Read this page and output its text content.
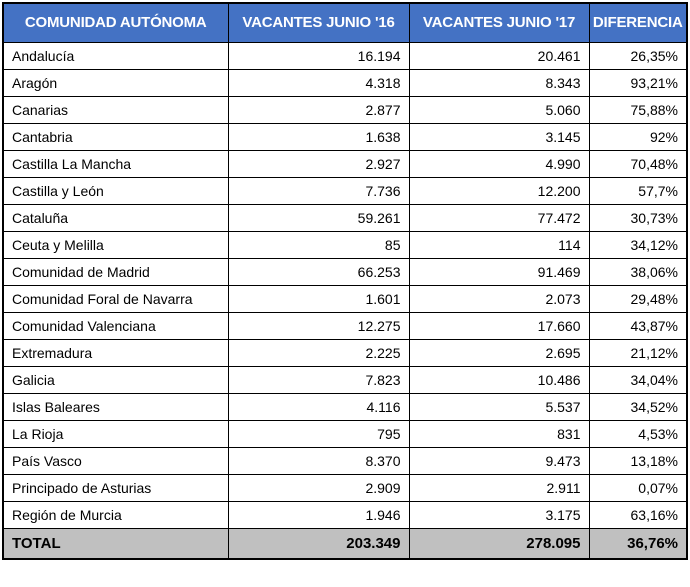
COMUNIDAD AUTÓNOMA	VACANTES JUNIO '16	VACANTES JUNIO '17	DIFERENCIA
Andalucía	16.194	20.461	26,35%
Aragón	4.318	8.343	93,21%
Canarias	2.877	5.060	75,88%
Cantabria	1.638	3.145	92%
Castilla La Mancha	2.927	4.990	70,48%
Castilla y León	7.736	12.200	57,7%
Cataluña	59.261	77.472	30,73%
Ceuta y Melilla	85	114	34,12%
Comunidad de Madrid	66.253	91.469	38,06%
Comunidad Foral de Navarra	1.601	2.073	29,48%
Comunidad Valenciana	12.275	17.660	43,87%
Extremadura	2.225	2.695	21,12%
Galicia	7.823	10.486	34,04%
Islas Baleares	4.116	5.537	34,52%
La Rioja	795	831	4,53%
País Vasco	8.370	9.473	13,18%
Principado de Asturias	2.909	2.911	0,07%
Región de Murcia	1.946	3.175	63,16%
TOTAL	203.349	278.095	36,76%
